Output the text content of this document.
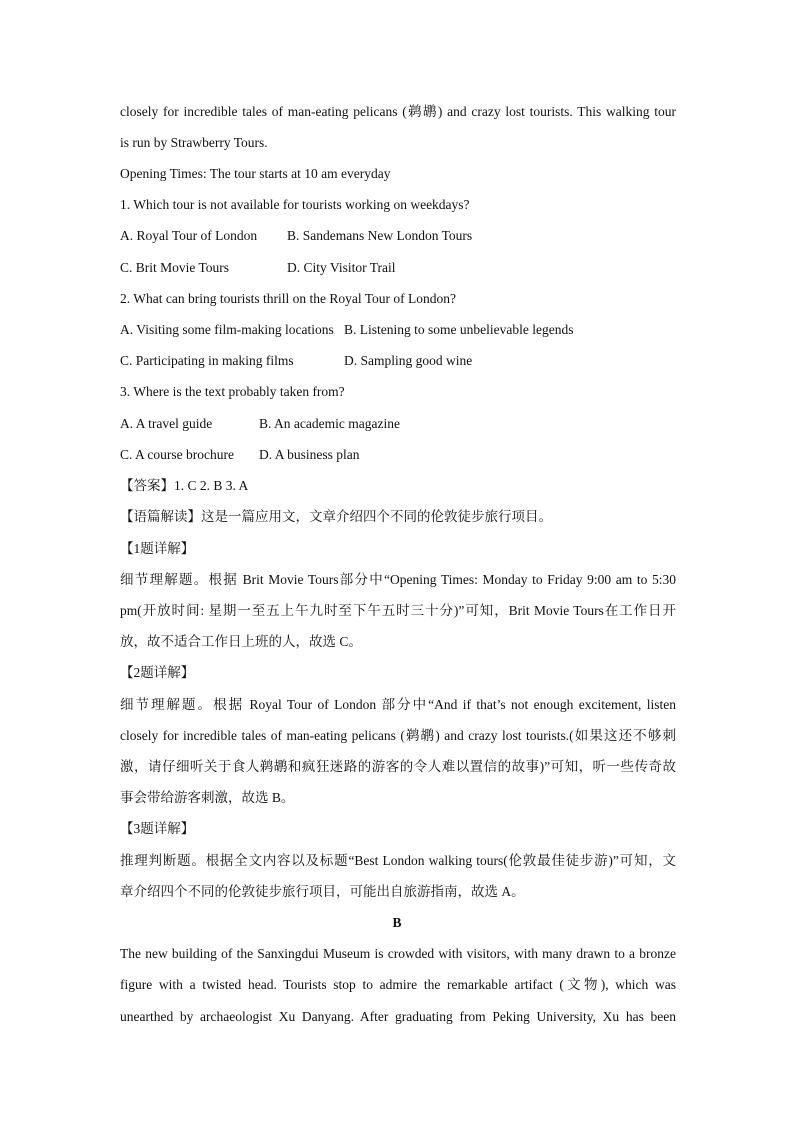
closely for incredible tales of man-eating pelicans (鹈鹕) and crazy lost tourists. This walking tour
is run by Strawberry Tours.
Opening Times: The tour starts at 10 am everyday
1. Which tour is not available for tourists working on weekdays?
A. Royal Tour of London B. Sandemans New London Tours
C. Brit Movie Tours	D. City Visitor Trail
2. What can bring tourists thrill on the Royal Tour of London?
A. Visiting some film-making locations B. Listening to some unbelievable legends
C. Participating in making films	D. Sampling good wine
3. Where is the text probably taken from?
A. A travel guide	B. An academic magazine
C. A course brochure D. A business plan
【答案】1. C 2. B 3. A
【语篇解读】这是一篇应用文，文章介绍四个不同的伦敦徒步旅行项目。
【1题详解】
细节理解题。根据 Brit Movie Tours部分中“Opening Times: Monday to Friday 9:00 am to 5:30
pm(开放时间: 星期一至五上午九时至下午五时三十分)”可知，Brit Movie Tours在工作日开
放，故不适合工作日上班的人，故选 C。
【2题详解】
细节理解题。根据 Royal Tour of London 部分中“And if that’s not enough excitement, listen
closely for incredible tales of man-eating pelicans (鹈鹕) and crazy lost tourists.(如果这还不够刺
激，请仔细听关于食人鹈鹕和疯狂迷路的游客的令人难以置信的故事)”可知，听一些传奇故
事会带给游客刺激，故选 B。
【3题详解】
推理判断题。根据全文内容以及标题“Best London walking tours(伦敦最佳徒步游)”可知，文
章介绍四个不同的伦敦徒步旅行项目，可能出自旅游指南，故选 A。
B
The new building of the Sanxingdui Museum is crowded with visitors, with many drawn to a bronze
figure with a twisted head. Tourists stop to admire the remarkable artifact (文物), which was
unearthed by archaeologist Xu Danyang. After graduating from Peking University, Xu has been
